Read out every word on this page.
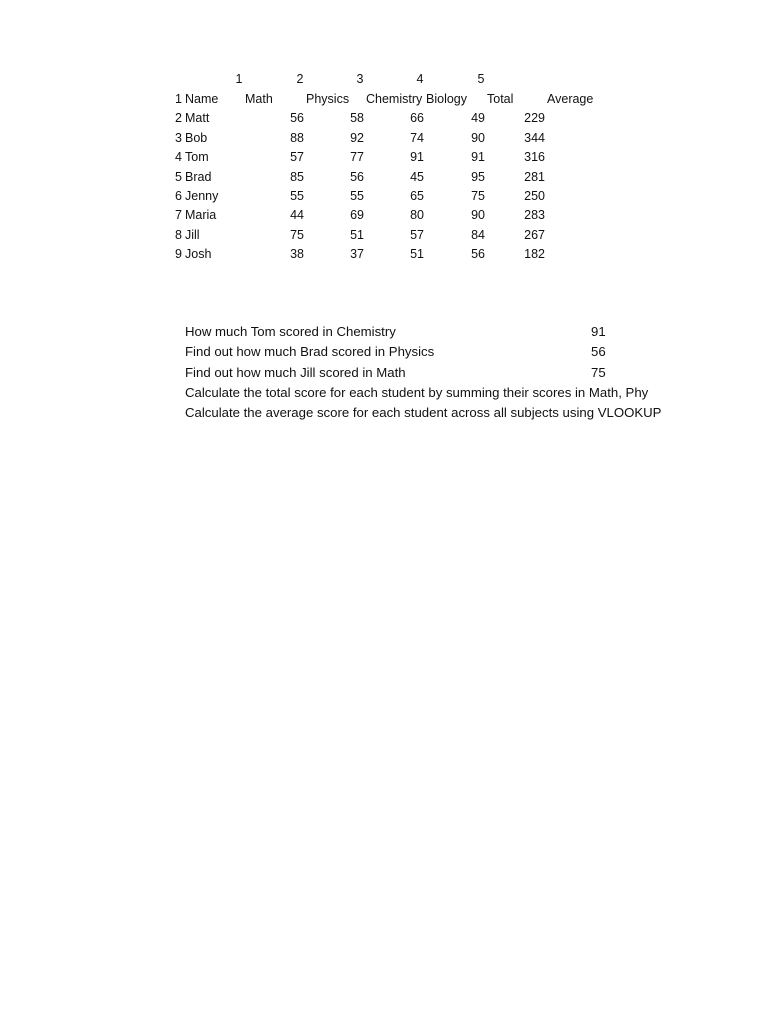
1	2	3	4	5
1 Name Math	Physics Chemistry Biology Total	Average
2 Matt	56	58	66	49	229
3 Bob	88	92	74	90	344
4 Tom	57	77	91	91	316
5 Brad	85	56	45	95	281
6 Jenny	55	55	65	75	250
7 Maria	44	69	80	90	283
8 Jill	75	51	57	84	267
9 Josh	38	37	51	56	182
How much Tom scored in Chemistry	91
Find out how much Brad scored in Physics	56
Find out how much Jill scored in Math	75
Calculate the total score for each student by summing their scores in Math, Phy
Calculate the average score for each student across all subjects using VLOOKUP
